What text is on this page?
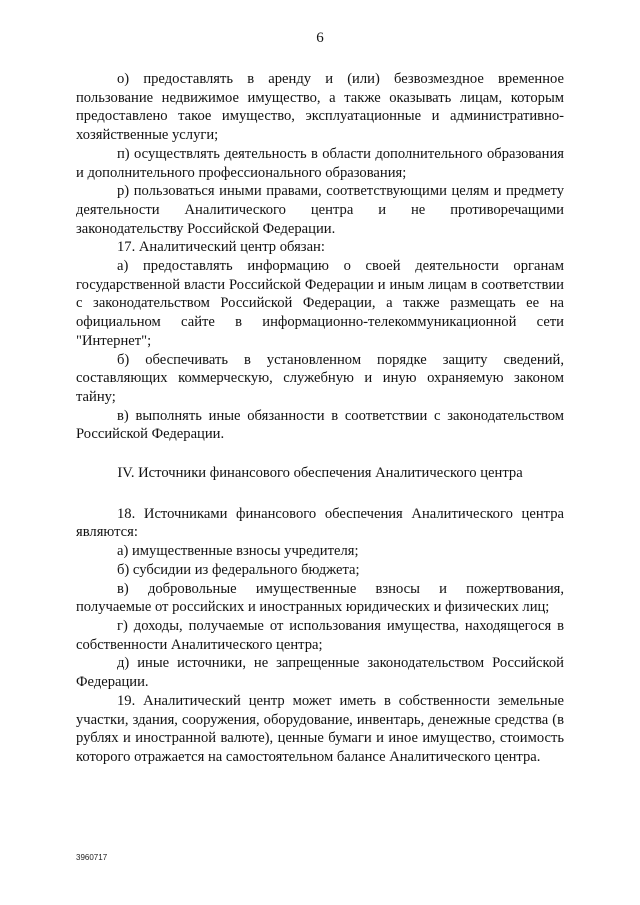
6

о) предоставлять в аренду и (или) безвозмездное временное пользование недвижимое имущество, а также оказывать лицам, которым предоставлено такое имущество, эксплуатационные и административно-хозяйственные услуги;

п) осуществлять деятельность в области дополнительного образования и дополнительного профессионального образования;

р) пользоваться иными правами, соответствующими целям и предмету деятельности Аналитического центра и не противоречащими законодательству Российской Федерации.

17. Аналитический центр обязан:

а) предоставлять информацию о своей деятельности органам государственной власти Российской Федерации и иным лицам в соответствии с законодательством Российской Федерации, а также размещать ее на официальном сайте в информационно-телекоммуникационной сети "Интернет";

б) обеспечивать в установленном порядке защиту сведений, составляющих коммерческую, служебную и иную охраняемую законом тайну;

в) выполнять иные обязанности в соответствии с законодательством Российской Федерации.

IV. Источники финансового обеспечения Аналитического центра

18. Источниками финансового обеспечения Аналитического центра являются:

а) имущественные взносы учредителя;

б) субсидии из федерального бюджета;

в) добровольные имущественные взносы и пожертвования, получаемые от российских и иностранных юридических и физических лиц;

г) доходы, получаемые от использования имущества, находящегося в собственности Аналитического центра;

д) иные источники, не запрещенные законодательством Российской Федерации.

19. Аналитический центр может иметь в собственности земельные участки, здания, сооружения, оборудование, инвентарь, денежные средства (в рублях и иностранной валюте), ценные бумаги и иное имущество, стоимость которого отражается на самостоятельном балансе Аналитического центра.

3960717
